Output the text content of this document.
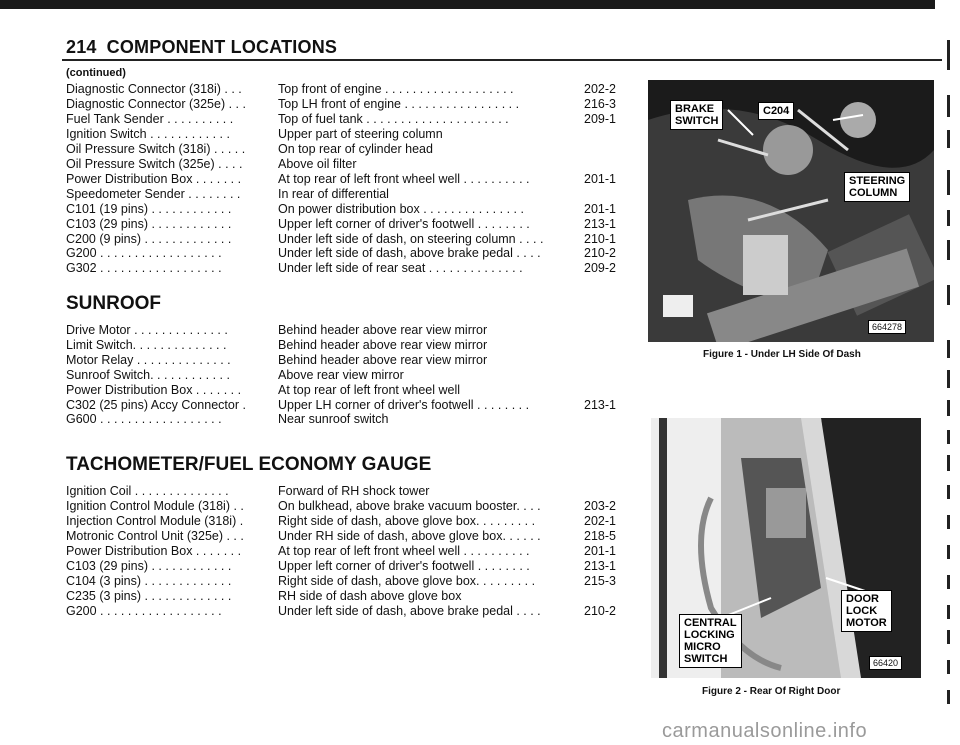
214 COMPONENT LOCATIONS
(continued)
Diagnostic Connector (318i) . . .	Top front of engine . . . . . . . . . . . . . . . . . . .	202-2
Diagnostic Connector (325e) . . .	Top LH front of engine . . . . . . . . . . . . . . . . .	216-3
Fuel Tank Sender . . . . . . . . . .	Top of fuel tank . . . . . . . . . . . . . . . . . . . . .	209-1
Ignition Switch . . . . . . . . . . . .	Upper part of steering column
Oil Pressure Switch (318i) . . . . .	On top rear of cylinder head
Oil Pressure Switch (325e) . . . .	Above oil filter
Power Distribution Box . . . . . . .	At top rear of left front wheel well . . . . . . . . . .	201-1
Speedometer Sender . . . . . . . .	In rear of differential
C101 (19 pins) . . . . . . . . . . . .	On power distribution box . . . . . . . . . . . . . . .	201-1
C103 (29 pins) . . . . . . . . . . . .	Upper left corner of driver's footwell . . . . . . . .	213-1
C200 (9 pins) . . . . . . . . . . . . .	Under left side of dash, on steering column . . . .	210-1
G200 . . . . . . . . . . . . . . . . . .	Under left side of dash, above brake pedal . . . .	210-2
G302 . . . . . . . . . . . . . . . . . .	Under left side of rear seat . . . . . . . . . . . . . .	209-2
SUNROOF
Drive Motor . . . . . . . . . . . . . .	Behind header above rear view mirror
Limit Switch. . . . . . . . . . . . . .	Behind header above rear view mirror
Motor Relay . . . . . . . . . . . . . .	Behind header above rear view mirror
Sunroof Switch. . . . . . . . . . . .	Above rear view mirror
Power Distribution Box . . . . . . .	At top rear of left front wheel well
C302 (25 pins) Accy Connector .	Upper LH corner of driver's footwell . . . . . . . .	213-1
G600 . . . . . . . . . . . . . . . . . .	Near sunroof switch
TACHOMETER/FUEL ECONOMY GAUGE
Ignition Coil . . . . . . . . . . . . . .	Forward of RH shock tower
Ignition Control Module (318i) . .	On bulkhead, above brake vacuum booster. . . .	203-2
Injection Control Module (318i) .	Right side of dash, above glove box. . . . . . . . .	202-1
Motronic Control Unit (325e) . . .	Under RH side of dash, above glove box. . . . . .	218-5
Power Distribution Box . . . . . . .	At top rear of left front wheel well . . . . . . . . . .	201-1
C103 (29 pins) . . . . . . . . . . . .	Upper left corner of driver's footwell . . . . . . . .	213-1
C104 (3 pins) . . . . . . . . . . . . .	Right side of dash, above glove box. . . . . . . . .	215-3
C235 (3 pins) . . . . . . . . . . . . .	RH side of dash above glove box
G200 . . . . . . . . . . . . . . . . . .	Under left side of dash, above brake pedal . . . .	210-2
BRAKE
SWITCH
C204
STEERING
COLUMN
664278
Figure 1 - Under LH Side Of Dash
DOOR
LOCK
MOTOR
CENTRAL
LOCKING
MICRO
SWITCH	66420
Figure 2 - Rear Of Right Door
carmanualsonline.info
